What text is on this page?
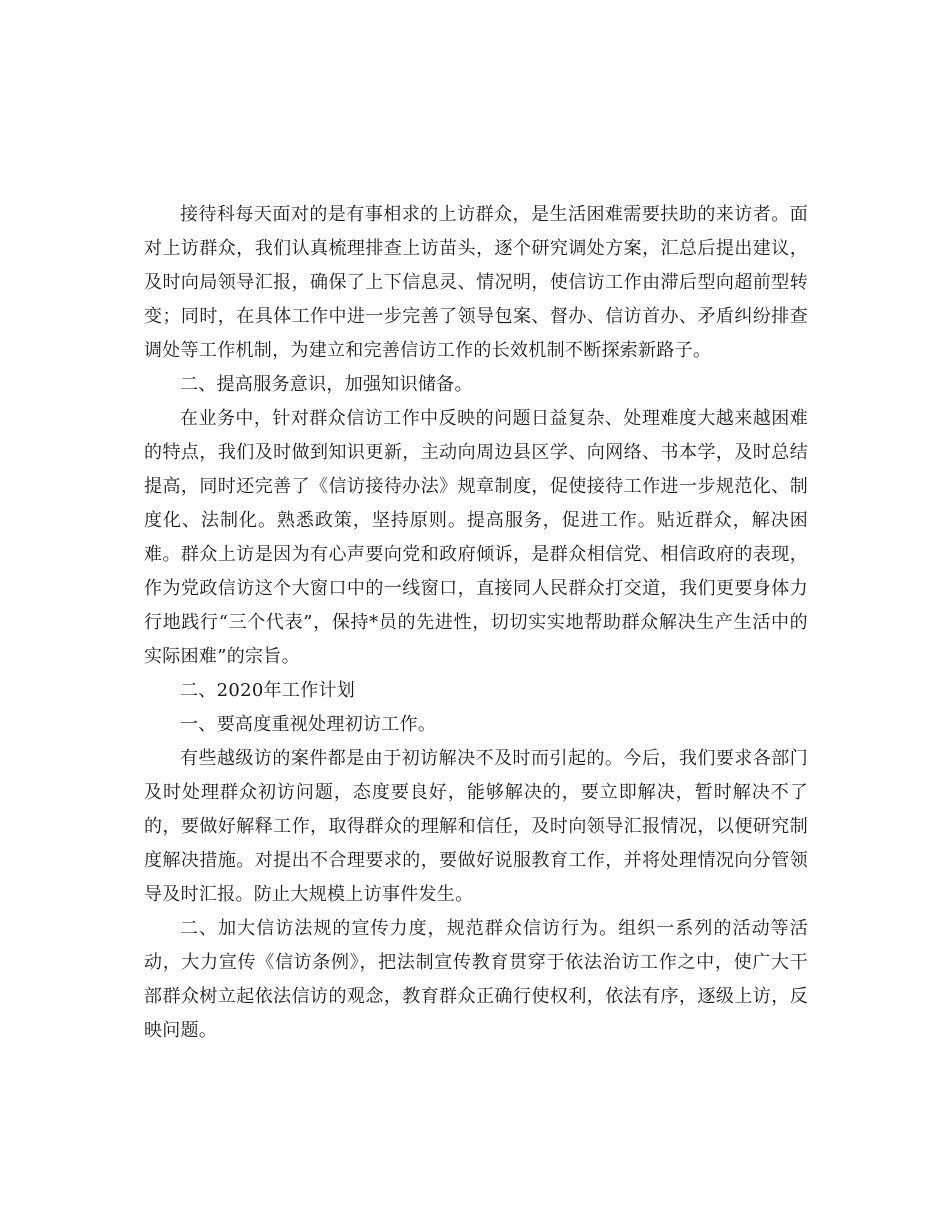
接待科每天面对的是有事相求的上访群众，是生活困难需要扶助的来访者。面对上访群众，我们认真梳理排查上访苗头，逐个研究调处方案，汇总后提出建议，及时向局领导汇报，确保了上下信息灵、情况明，使信访工作由滞后型向超前型转变；同时，在具体工作中进一步完善了领导包案、督办、信访首办、矛盾纠纷排查调处等工作机制，为建立和完善信访工作的长效机制不断探索新路子。

二、提高服务意识，加强知识储备。

在业务中，针对群众信访工作中反映的问题日益复杂、处理难度大越来越困难的特点，我们及时做到知识更新，主动向周边县区学、向网络、书本学，及时总结提高，同时还完善了《信访接待办法》规章制度，促使接待工作进一步规范化、制度化、法制化。熟悉政策，坚持原则。提高服务，促进工作。贴近群众，解决困难。群众上访是因为有心声要向党和政府倾诉，是群众相信党、相信政府的表现，作为党政信访这个大窗口中的一线窗口，直接同人民群众打交道，我们更要身体力行地践行“三个代表”，保持*员的先进性，切切实实地帮助群众解决生产生活中的实际困难”的宗旨。

二、2020年工作计划

一、要高度重视处理初访工作。

有些越级访的案件都是由于初访解决不及时而引起的。今后，我们要求各部门及时处理群众初访问题，态度要良好，能够解决的，要立即解决，暂时解决不了的，要做好解释工作，取得群众的理解和信任，及时向领导汇报情况，以便研究制度解决措施。对提出不合理要求的，要做好说服教育工作，并将处理情况向分管领导及时汇报。防止大规模上访事件发生。

二、加大信访法规的宣传力度，规范群众信访行为。组织一系列的活动等活动，大力宣传《信访条例》，把法制宣传教育贯穿于依法治访工作之中，使广大干部群众树立起依法信访的观念，教育群众正确行使权利，依法有序，逐级上访，反映问题。
